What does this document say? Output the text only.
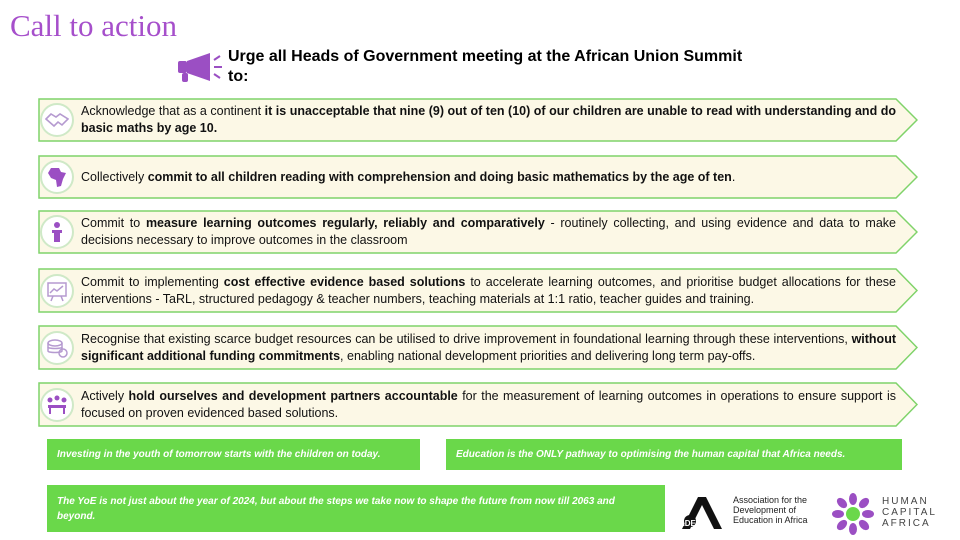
Call to action
Urge all Heads of Government meeting at the African Union Summit to:
Acknowledge that as a continent it is unacceptable that nine (9) out of ten (10) of our children are unable to read with understanding and do basic maths by age 10.
Collectively commit to all children reading with comprehension and doing basic mathematics by the age of ten.
Commit to measure learning outcomes regularly, reliably and comparatively - routinely collecting, and using evidence and data to make decisions necessary to improve outcomes in the classroom
Commit to implementing cost effective evidence based solutions to accelerate learning outcomes, and prioritise budget allocations for these interventions - TaRL, structured pedagogy & teacher numbers, teaching materials at 1:1 ratio, teacher guides and training.
Recognise that existing scarce budget resources can be utilised to drive improvement in foundational learning through these interventions, without significant additional funding commitments, enabling national development priorities and delivering long term pay-offs.
Actively hold ourselves and development partners accountable for the measurement of learning outcomes in operations to ensure support is focused on proven evidenced based solutions.
Investing in the youth of tomorrow starts with the children on today.	Education is the ONLY pathway to optimising the human capital that Africa needs.
The YoE is not just about the year of 2024, but about the steps we take now to shape the future from now till 2063 and beyond.
ADEA
Association for the Development of Education in Africa
HUMAN
CAPITAL
AFRICA
